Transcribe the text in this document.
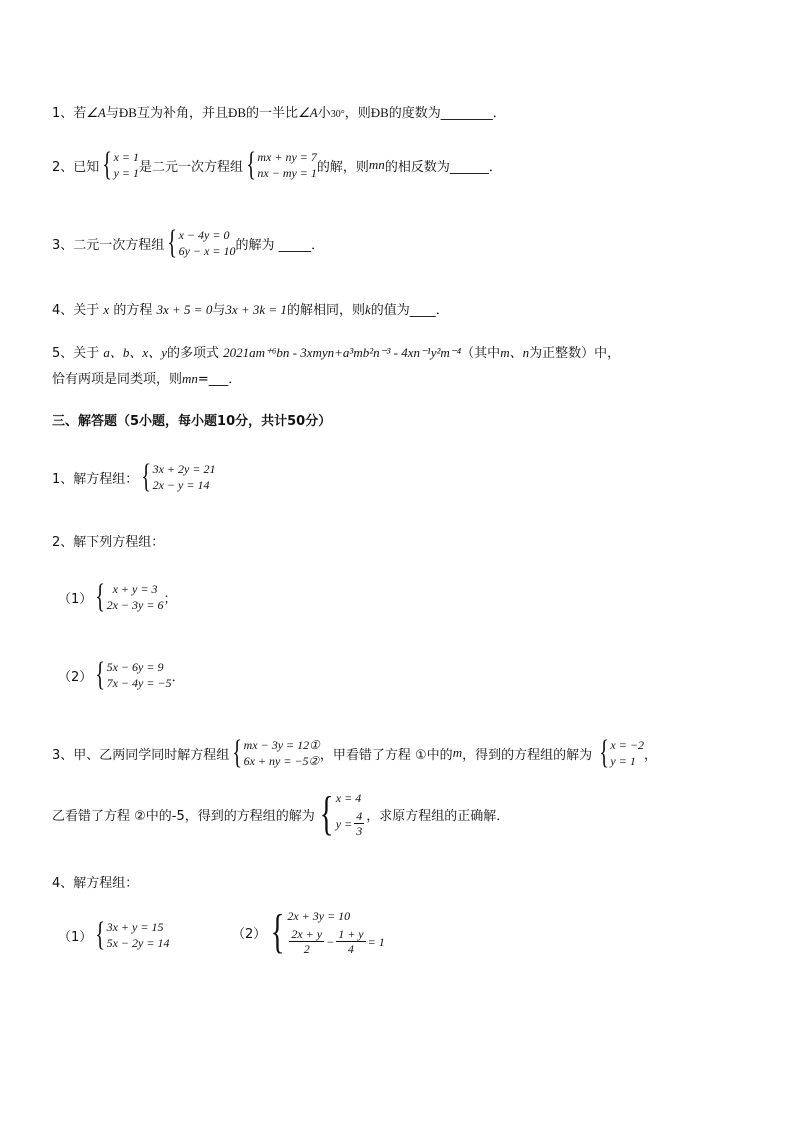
1、若∠A与ÐB互为补角，并且ÐB的一半比∠A小30°，则ÐB的度数为________．
2、已知 { x = 1
y = 1 是二元一次方程组 { mx + ny = 7
nx − my = 1 的解，则 mn 的相反数为______．
3、二元一次方程组 { x − 4y = 0
6y − x = 10 的解为 _____．
4、关于 x 的方程 3x + 5 = 0与3x + 3k = 1的解相同，则k的值为____．
5、关于 a、b、x、y的多项式 2021am⁺⁶bn - 3xmyn+a³mb²n⁻³ - 4xn⁻¹y²m⁻⁴（其中m、n为正整数）中，
恰有两项是同类项，则mn=___．
三、解答题（5小题，每小题10分，共计50分）
1、解方程组： { 3x + 2y = 21
2x − y = 14
2、解下列方程组：
（1） { x + y = 3
2x − 3y = 6 ；
（2） { 5x − 6y = 9
7x − 4y = −5 ．
3、甲、乙两同学同时解方程组 { mx − 3y = 12①
6x + ny = −5② ，甲看错了方程 ①中的 m ，得到的方程组的解为 { x = −2
y = 1 ，
乙看错了方程 ②中的-5，得到的方程组的解为 { x = 4
$y = \frac{4}{3}$ ，求原方程组的正确解．
4、解方程组：
（1） { 3x + y = 15
5x − 2y = 14
（2） { 2x + 3y = 10
$\frac{2x + y}{2} - \frac{1 + y}{4} = 1$
